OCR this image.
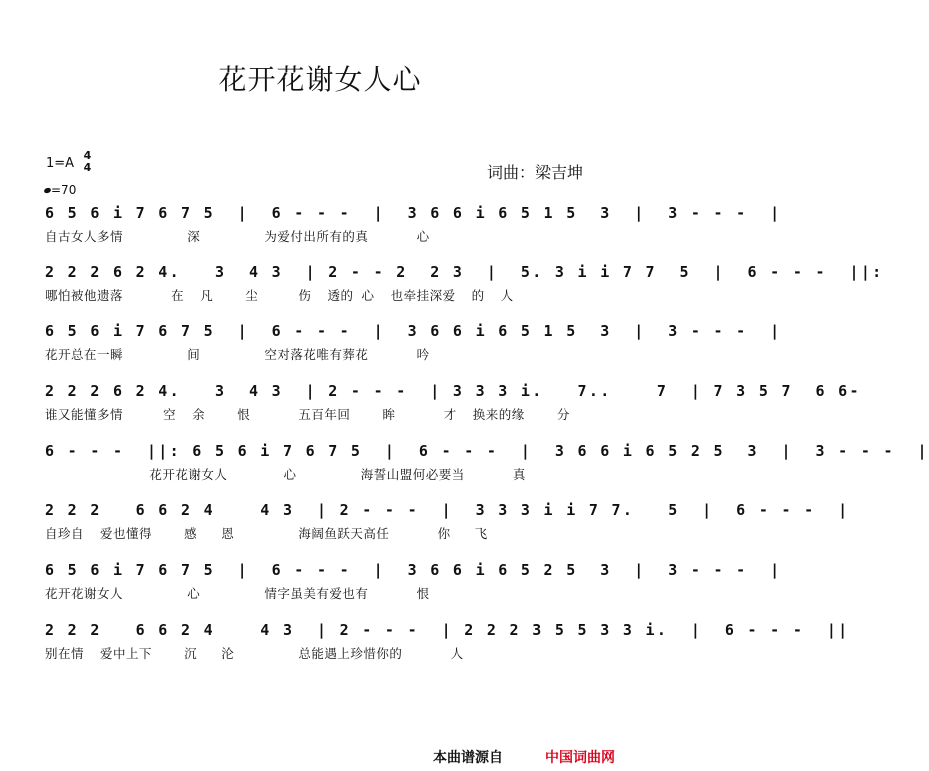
花开花谢女人心
1=A
4
4
=70
词曲：梁吉坤
6 5 6 i 7 6 7 5  |  6 - - -  |  3 6 6 i 6 5 1 5  3  |  3 - - -  |
自古女人多情        深        为爱付出所有的真      心
2 2 2 6 2 4.   3  4 3  | 2 - - 2  2 3  |  5. 3 i i 7 7  5  |  6 - - -  ||:
哪怕被他遗落      在  凡    尘     伤  透的 心  也牵挂深爱  的  人
6 5 6 i 7 6 7 5  |  6 - - -  |  3 6 6 i 6 5 1 5  3  |  3 - - -  |
花开总在一瞬        间        空对落花唯有葬花      吟
2 2 2 6 2 4.   3  4 3  | 2 - - -  | 3 3 3 i.   7..    7  | 7 3 5 7  6 6-
谁又能懂多情     空  余    恨      五百年回    眸      才  换来的缘    分
6 - - -  ||: 6 5 6 i 7 6 7 5  |  6 - - -  |  3 6 6 i 6 5 2 5  3  |  3 - - -  |
花开花谢女人       心        海誓山盟何必要当      真
2 2 2   6 6 2 4    4 3  | 2 - - -  |  3 3 3 i i 7 7.   5  |  6 - - -  |
自珍自  爱也懂得    感   恩        海阔鱼跃天高任      你   飞
6 5 6 i 7 6 7 5  |  6 - - -  |  3 6 6 i 6 5 2 5  3  |  3 - - -  |
花开花谢女人        心        情字虽美有爱也有      恨
2 2 2   6 6 2 4    4 3  | 2 - - -  | 2 2 2 3 5 5 3 3 i.  |  6 - - -  ||
别在情  爱中上下    沉   沦        总能遇上珍惜你的      人
本曲谱源自	中国词曲网
